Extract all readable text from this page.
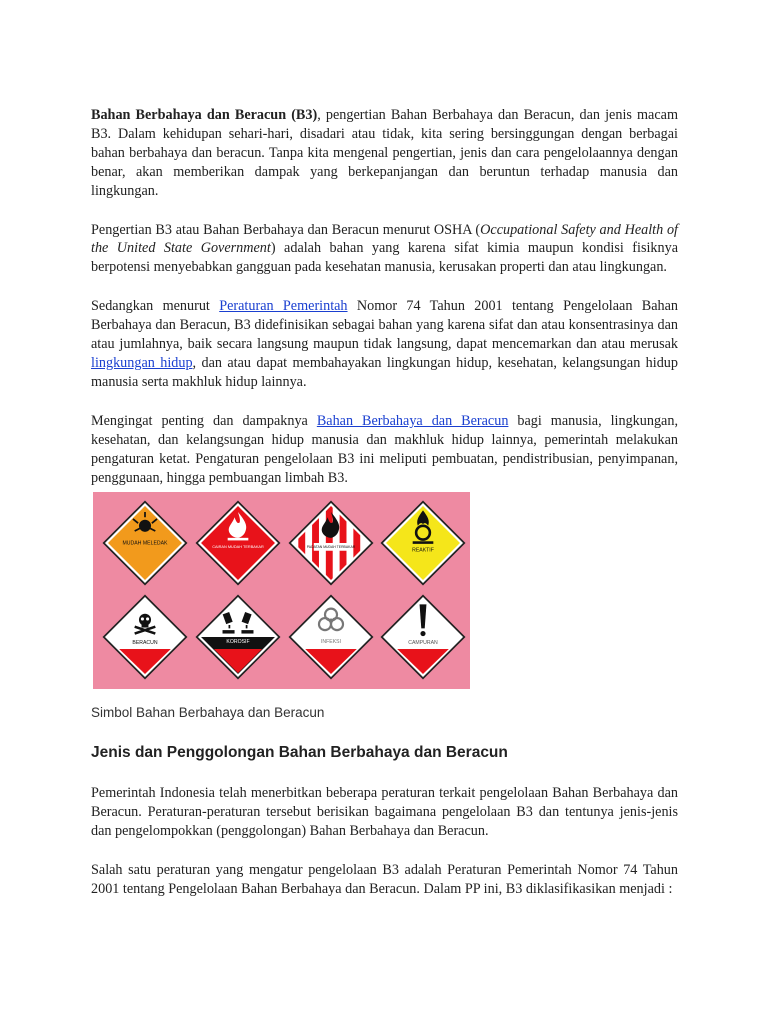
Bahan Berbahaya dan Beracun (B3), pengertian Bahan Berbahaya dan Beracun, dan jenis macam B3. Dalam kehidupan sehari-hari, disadari atau tidak, kita sering bersinggungan dengan berbagai bahan berbahaya dan beracun. Tanpa kita mengenal pengertian, jenis dan cara pengelolaannya dengan benar, akan memberikan dampak yang berkepanjangan dan beruntun terhadap manusia dan lingkungan.

Pengertian B3 atau Bahan Berbahaya dan Beracun menurut OSHA (Occupational Safety and Health of the United State Government) adalah bahan yang karena sifat kimia maupun kondisi fisiknya berpotensi menyebabkan gangguan pada kesehatan manusia, kerusakan properti dan atau lingkungan.

Sedangkan menurut Peraturan Pemerintah Nomor 74 Tahun 2001 tentang Pengelolaan Bahan Berbahaya dan Beracun, B3 didefinisikan sebagai bahan yang karena sifat dan atau konsentrasinya dan atau jumlahnya, baik secara langsung maupun tidak langsung, dapat mencemarkan dan atau merusak lingkungan hidup, dan atau dapat membahayakan lingkungan hidup, kesehatan, kelangsungan hidup manusia serta makhluk hidup lainnya.

Mengingat penting dan dampaknya Bahan Berbahaya dan Beracun bagi manusia, lingkungan, kesehatan, dan kelangsungan hidup manusia dan makhluk hidup lainnya, pemerintah melakukan pengaturan ketat. Pengaturan pengelolaan B3 ini meliputi pembuatan, pendistribusian, penyimpanan, penggunaan, hingga pembuangan limbah B3.

MUDAH MELEDAK	CAIRAN MUDAH TERBAKAR	PADATAN MUDAH TERBAKAR
REAKTIF
BERACUN	KOROSIF	INFEKSI	CAMPURAN
Simbol Bahan Berbahaya dan Beracun
Jenis dan Penggolongan Bahan Berbahaya dan Beracun

Pemerintah Indonesia telah menerbitkan beberapa peraturan terkait pengelolaan Bahan Berbahaya dan Beracun. Peraturan-peraturan tersebut berisikan bagaimana pengelolaan B3 dan tentunya jenis-jenis dan pengelompokkan (penggolongan) Bahan Berbahaya dan Beracun.

Salah satu peraturan yang mengatur pengelolaan B3 adalah Peraturan Pemerintah Nomor 74 Tahun 2001 tentang Pengelolaan Bahan Berbahaya dan Beracun. Dalam PP ini, B3 diklasifikasikan menjadi :
